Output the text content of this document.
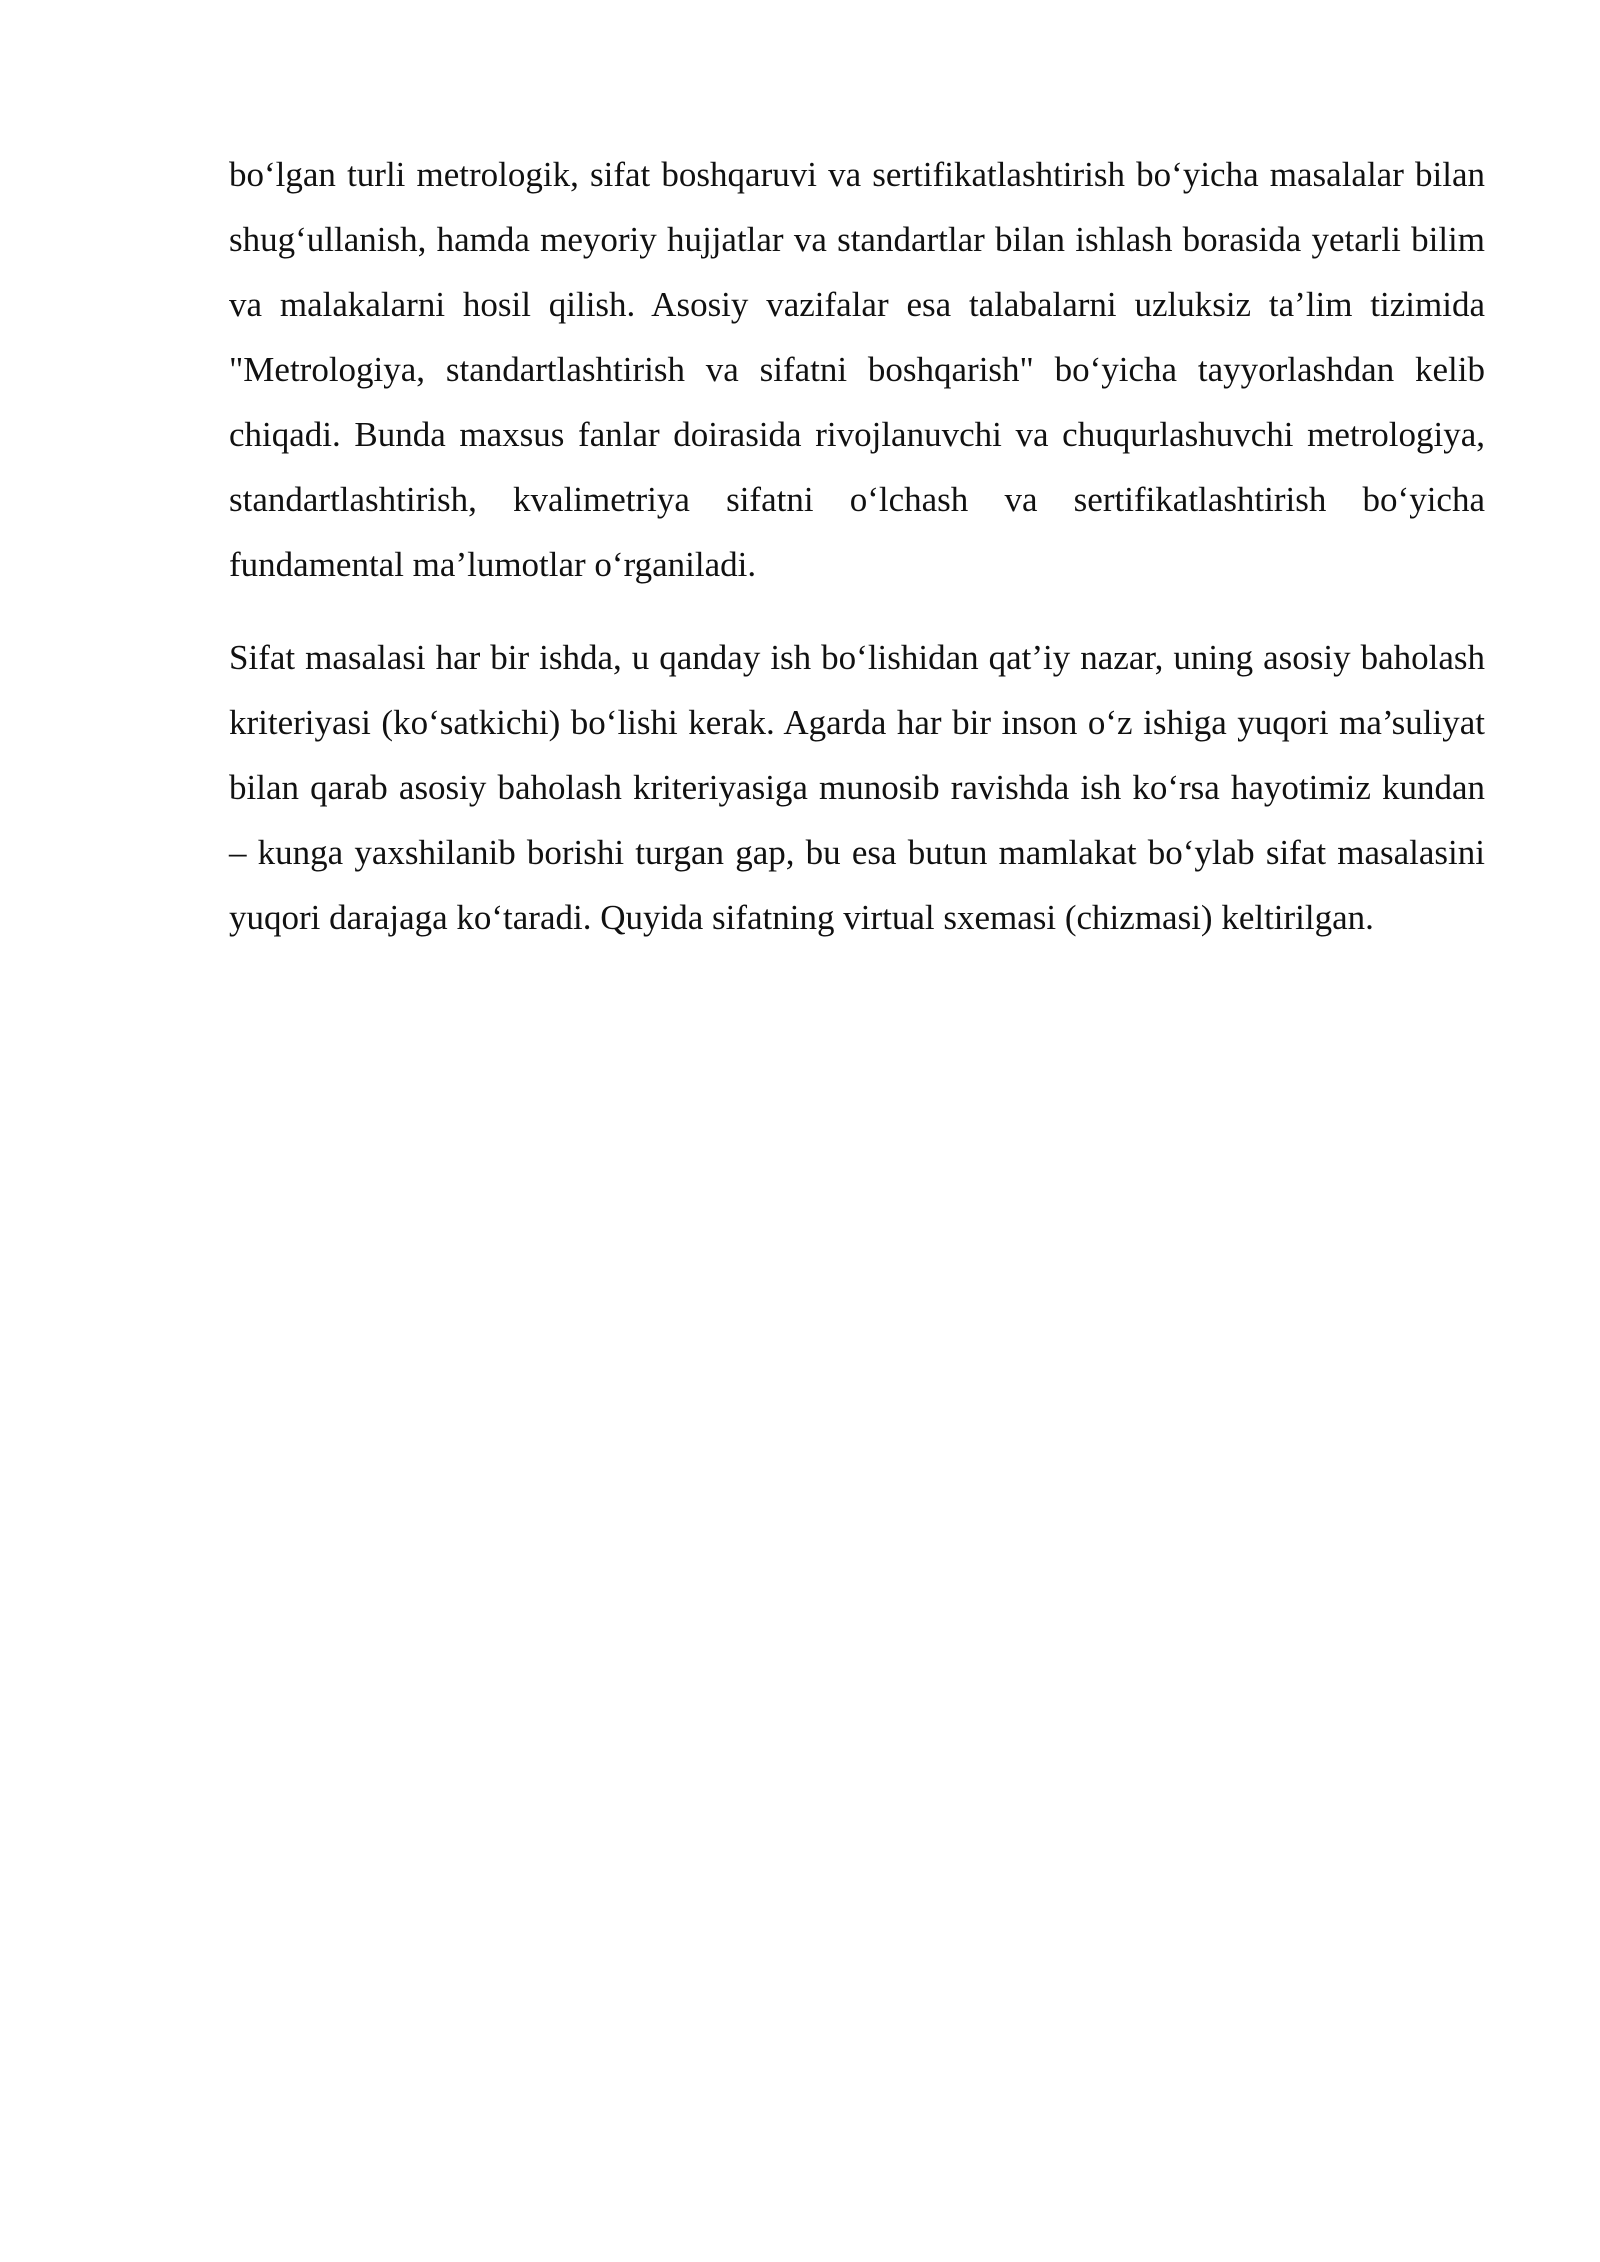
bo‘lgan turli metrologik, sifat boshqaruvi va sertifikatlashtirish bo‘yicha masalalar bilan shug‘ullanish, hamda meyoriy hujjatlar va standartlar bilan ishlash borasida yetarli bilim va malakalarni hosil qilish. Asosiy vazifalar esa talabalarni uzluksiz ta’lim tizimida "Metrologiya, standartlashtirish va sifatni boshqarish" bo‘yicha tayyorlashdan kelib chiqadi. Bunda maxsus fanlar doirasida rivojlanuvchi va chuqurlashuvchi metrologiya, standartlashtirish, kvalimetriya sifatni o‘lchash va sertifikatlashtirish bo‘yicha fundamental ma’lumotlar o‘rganiladi.

Sifat masalasi har bir ishda, u qanday ish bo‘lishidan qat’iy nazar, uning asosiy baholash kriteriyasi (ko‘satkichi) bo‘lishi kerak. Agarda har bir inson o‘z ishiga yuqori ma’suliyat bilan qarab asosiy baholash kriteriyasiga munosib ravishda ish ko‘rsa hayotimiz kundan – kunga yaxshilanib borishi turgan gap, bu esa butun mamlakat bo‘ylab sifat masalasini yuqori darajaga ko‘taradi. Quyida sifatning virtual sxemasi (chizmasi) keltirilgan.
